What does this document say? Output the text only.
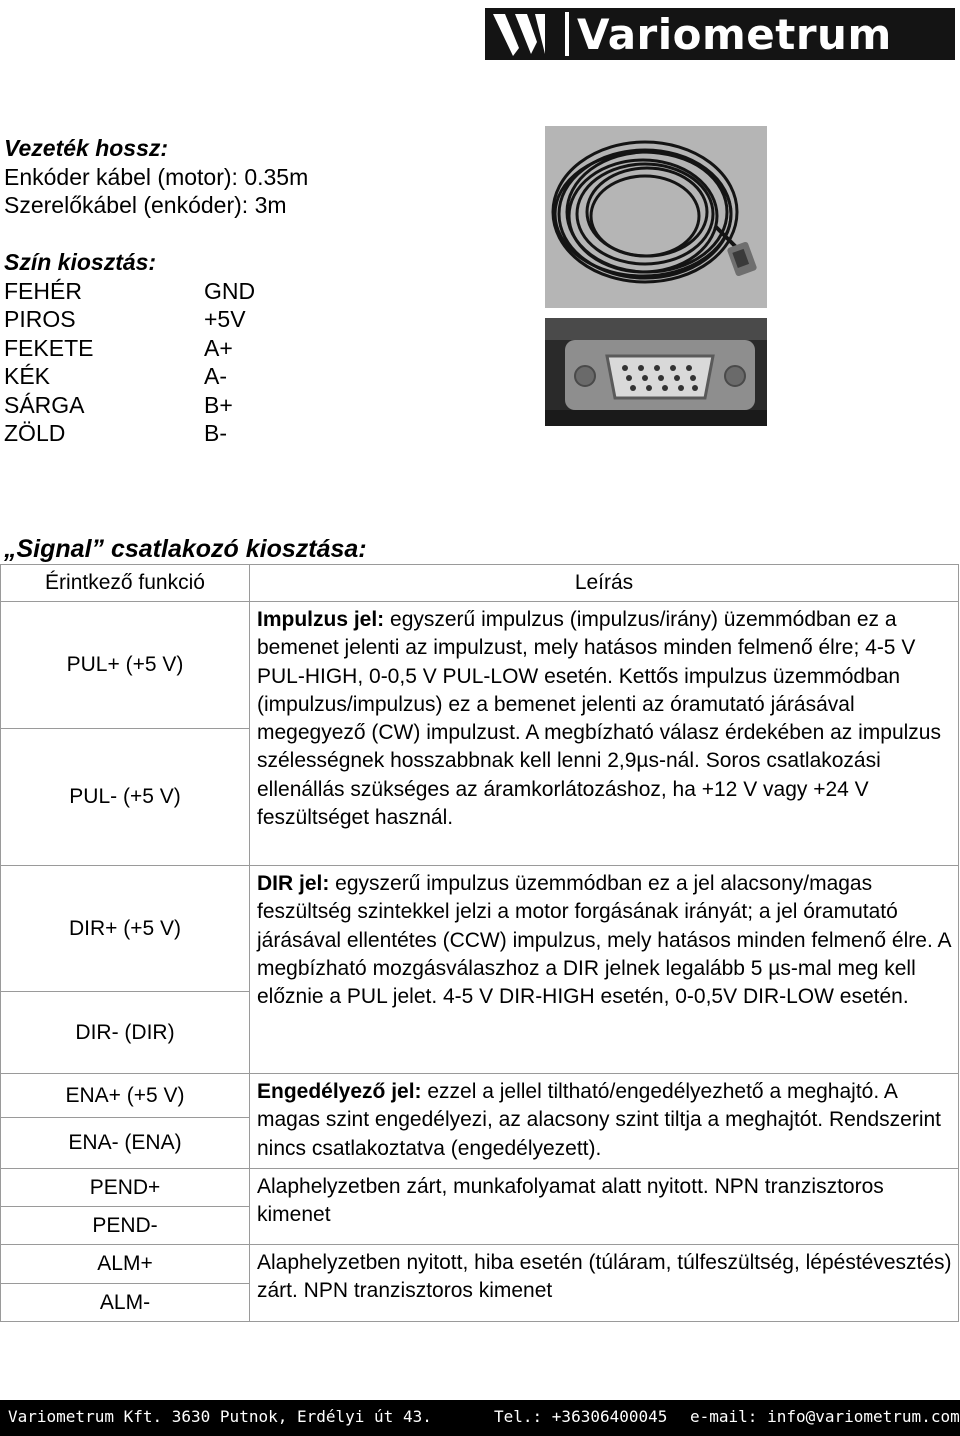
Variometrum
Vezeték hossz:
Enkóder kábel (motor): 0.35m
Szerelőkábel (enkóder): 3m
Szín kiosztás:
FEHÉR	GND
PIROS	+5V
FEKETE	A+
KÉK	A-
SÁRGA	B+
ZÖLD	B-
„Signal” csatlakozó kiosztása:
Érintkező funkció	Leírás
PUL+ (+5 V)	Impulzus jel: egyszerű impulzus (impulzus/irány) üzemmódban ez a bemenet jelenti az impulzust, mely hatásos minden felmenő élre; 4-5 V PUL-HIGH, 0-0,5 V PUL-LOW esetén. Kettős impulzus üzemmódban (impulzus/impulzus) ez a bemenet jelenti az óramutató járásával megegyező (CW) impulzust. A megbízható válasz érdekében az impulzus szélességnek hosszabbnak kell lenni 2,9µs-nál. Soros csatlakozási ellenállás szükséges az áramkorlátozáshoz, ha +12 V vagy +24 V feszültséget használ.
PUL- (+5 V)	
DIR+ (+5 V)	DIR jel: egyszerű impulzus üzemmódban ez a jel alacsony/magas feszültség szintekkel jelzi a motor forgásának irányát; a jel óramutató járásával ellentétes (CCW) impulzus, mely hatásos minden felmenő élre. A megbízható mozgásválaszhoz a DIR jelnek legalább 5 µs-mal meg kell előznie a PUL jelet. 4-5 V DIR-HIGH esetén, 0-0,5V DIR-LOW esetén.
DIR- (DIR)	
ENA+ (+5 V)	Engedélyező jel: ezzel a jellel tiltható/engedélyezhető a meghajtó. A magas szint engedélyezi, az alacsony szint tiltja a meghajtót. Rendszerint nincs csatlakoztatva (engedélyezett).
ENA- (ENA)	
PEND+	Alaphelyzetben zárt, munkafolyamat alatt nyitott. NPN tranzisztoros kimenet
PEND-	
ALM+	Alaphelyzetben nyitott, hiba esetén (túláram, túlfeszültség, lépéstévesztés) zárt. NPN tranzisztoros kimenet
ALM-	
Variometrum Kft. 3630 Putnok, Erdélyi út 43.	Tel.: +36306400045 e-mail: info@variometrum.com
